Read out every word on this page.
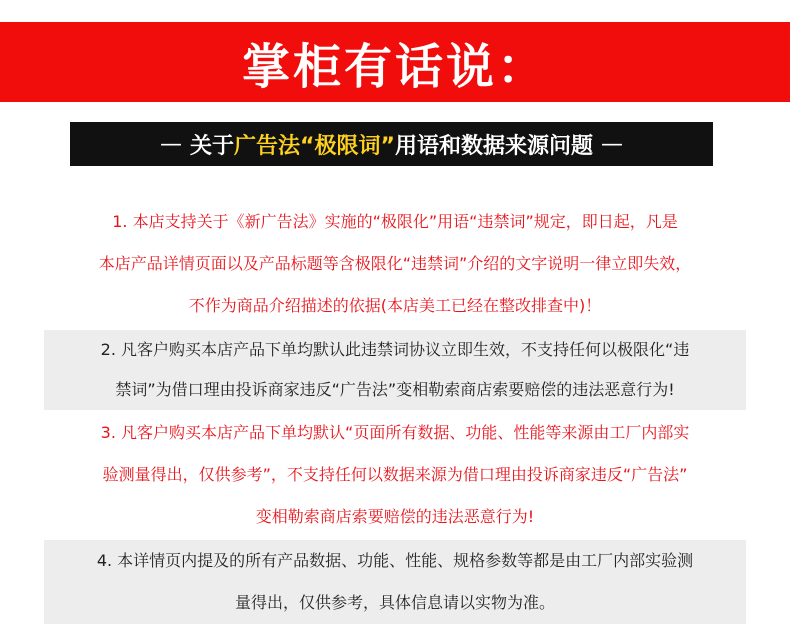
掌柜有话说：
— 关于 广告法“极限词” 用语和数据来源问题 —
1. 本店支持关于《新广告法》实施的“极限化”用语“违禁词”规定，即日起，凡是
本店产品详情页面以及产品标题等含极限化“违禁词”介绍的文字说明一律立即失效，
不作为商品介绍描述的依据(本店美工已经在整改排查中)！
2. 凡客户购买本店产品下单均默认此违禁词协议立即生效，不支持任何以极限化“违
禁词”为借口理由投诉商家违反“广告法”变相勒索商店索要赔偿的违法恶意行为!
3. 凡客户购买本店产品下单均默认“页面所有数据、功能、性能等来源由工厂内部实
验测量得出，仅供参考”，不支持任何以数据来源为借口理由投诉商家违反“广告法”
变相勒索商店索要赔偿的违法恶意行为!
4. 本详情页内提及的所有产品数据、功能、性能、规格参数等都是由工厂内部实验测
量得出，仅供参考，具体信息请以实物为准。
